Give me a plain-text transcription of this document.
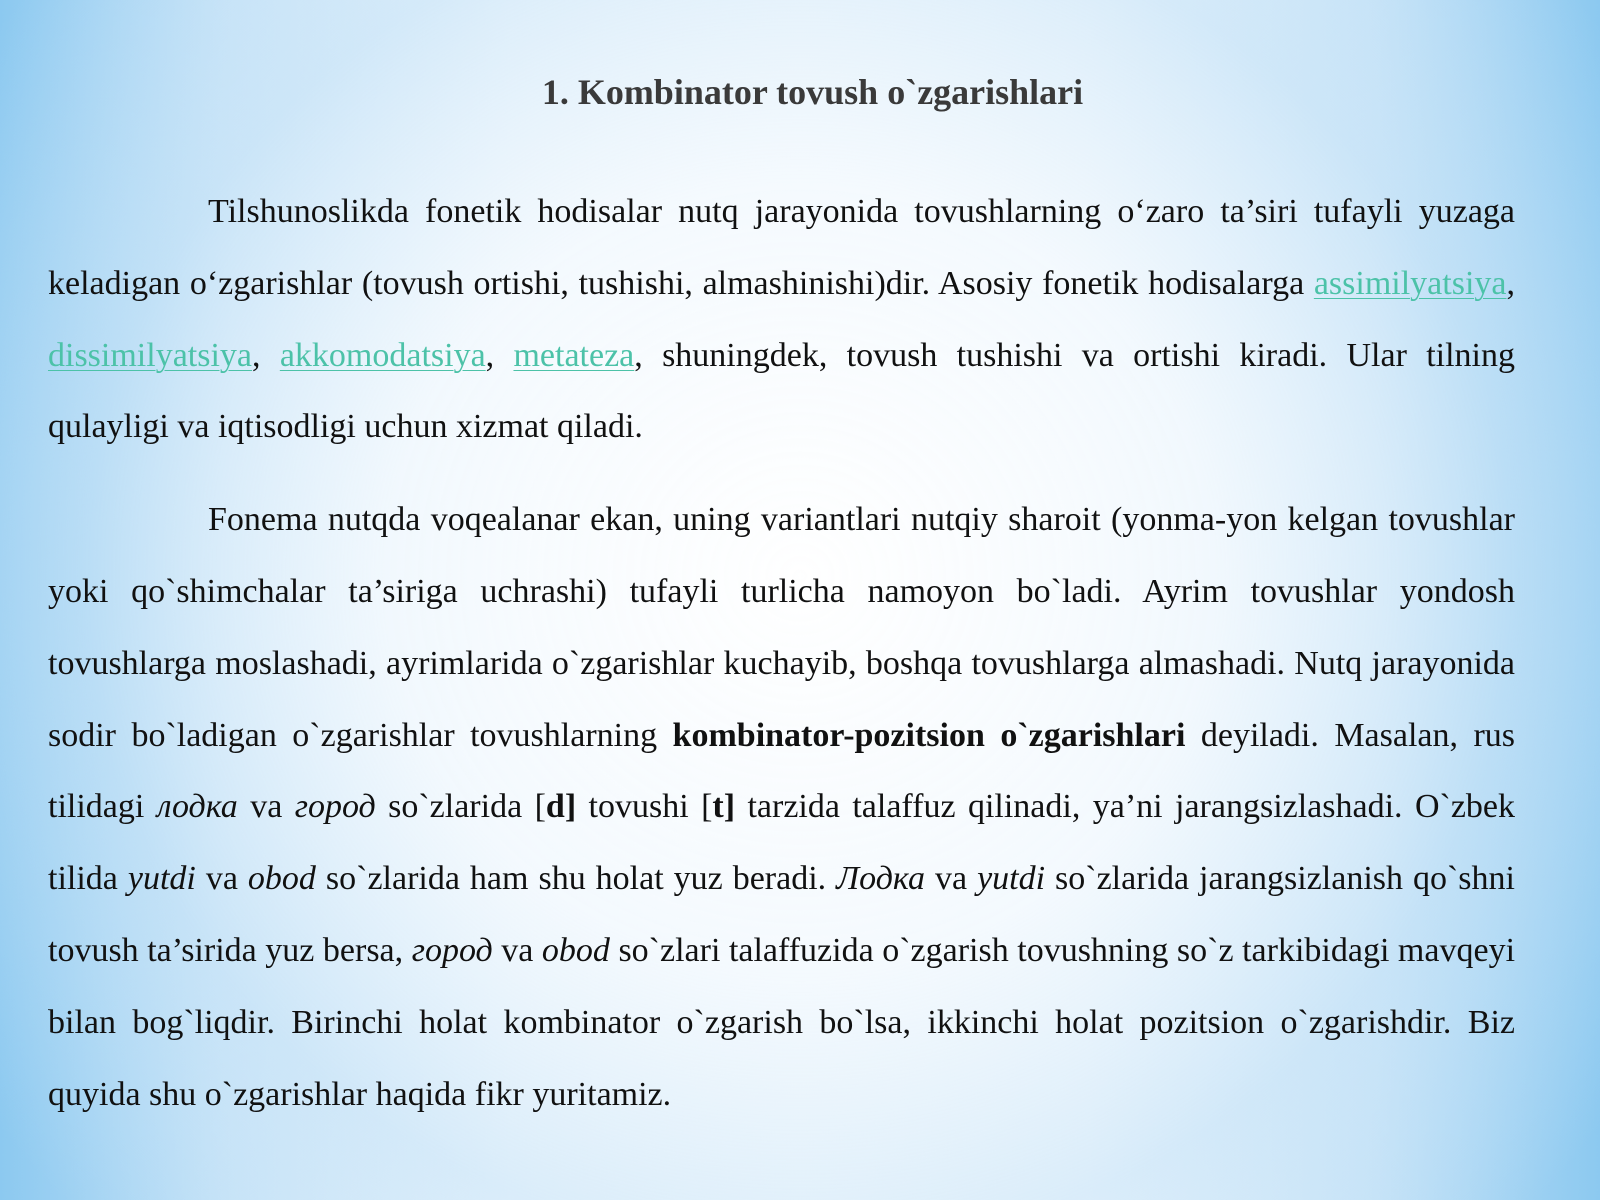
1. Kombinator tovush o`zgarishlari

Tilshunoslikda fonetik hodisalar nutq jarayonida tovushlarning o‘zaro ta’siri tufayli yuzaga keladigan o‘zgarishlar (tovush ortishi, tushishi, almashinishi)dir. Asosiy fonetik hodisalarga assimilyatsiya, dissimilyatsiya, akkomodatsiya, metateza, shuningdek, tovush tushishi va ortishi kiradi. Ular tilning qulayligi va iqtisodligi uchun xizmat qiladi.

Fonema nutqda voqealanar ekan, uning variantlari nutqiy sharoit (yonma-yon kelgan tovushlar yoki qo`shimchalar ta’siriga uchrashi) tufayli turlicha namoyon bo`ladi. Ayrim tovushlar yondosh tovushlarga moslashadi, ayrimlarida o`zgarishlar kuchayib, boshqa tovushlarga almashadi. Nutq jarayonida sodir bo`ladigan o`zgarishlar tovushlarning kombinator-pozitsion o`zgarishlari deyiladi. Masalan, rus tilidagi лодка va город so`zlarida [d] tovushi [t] tarzida talaffuz qilinadi, ya’ni jarangsizlashadi. O`zbek tilida yutdi va obod so`zlarida ham shu holat yuz beradi. Лодка va yutdi so`zlarida jarangsizlanish qo`shni tovush ta’sirida yuz bersa, город va obod so`zlari talaffuzida o`zgarish tovushning so`z tarkibidagi mavqeyi bilan bog`liqdir. Birinchi holat kombinator o`zgarish bo`lsa, ikkinchi holat pozitsion o`zgarishdir. Biz quyida shu o`zgarishlar haqida fikr yuritamiz.
